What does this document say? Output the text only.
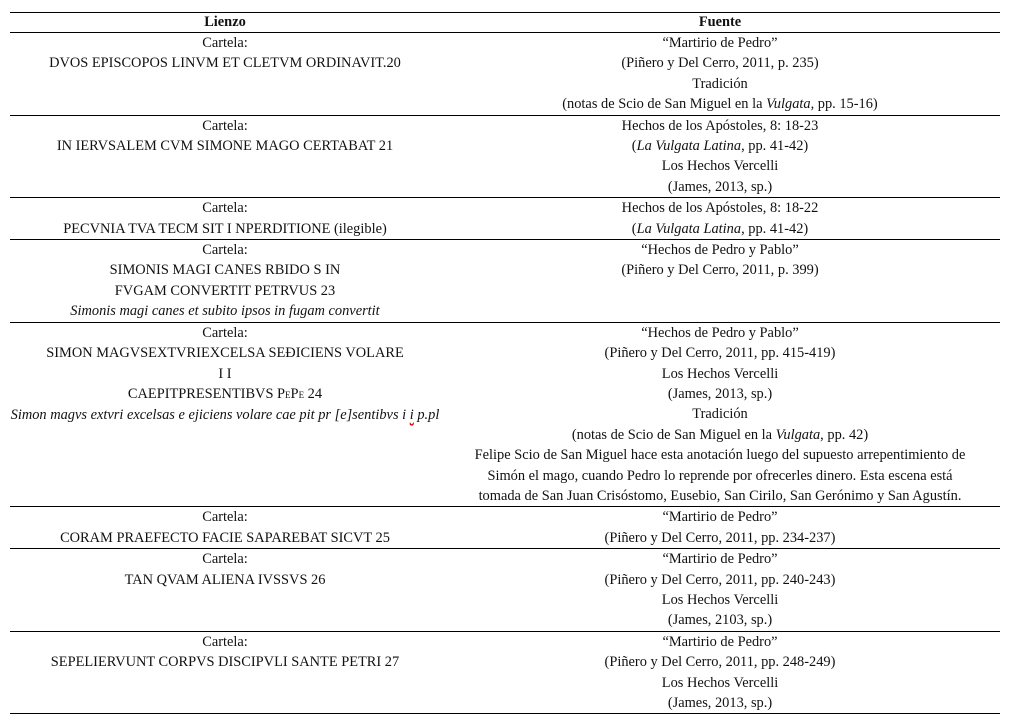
Lienzo	Fuente
Cartela:
DVOS EPISCOPOS LINVM ET CLETVM ORDINAVIT.20
“Martirio de Pedro”
(Piñero y Del Cerro, 2011, p. 235)
Tradición
(notas de Scio de San Miguel en la Vulgata, pp. 15-16)
Cartela:
IN IERVSALEM CVM SIMONE MAGO CERTABAT 21
Hechos de los Apóstoles, 8: 18-23
(La Vulgata Latina, pp. 41-42)
Los Hechos Vercelli
(James, 2013, sp.)
Cartela:
PECVNIA TVA TECM SIT I NPERDITIONE (ilegible)
Hechos de los Apóstoles, 8: 18-22
(La Vulgata Latina, pp. 41-42)
Cartela:
SIMONIS MAGI CANES RBIDO S IN
FVGAM CONVERTIT PETRVUS 23
Simonis magi canes et subito ipsos in fugam convertit
“Hechos de Pedro y Pablo”
(Piñero y Del Cerro, 2011, p. 399)
Cartela:
SIMON MAGVSEXTVRIEXCELSA SEÐICIENS VOLARE
I I
CAEPITPRESENTIBVS PEPE 24
Simon magvs extvri excelsas e ejiciens volare cae pit pr [e]sentibvs i i p.pl
“Hechos de Pedro y Pablo”
(Piñero y Del Cerro, 2011, pp. 415-419)
Los Hechos Vercelli
(James, 2013, sp.)
Tradición
(notas de Scio de San Miguel en la Vulgata, pp. 42)
Felipe Scio de San Miguel hace esta anotación luego del supuesto arrepentimiento de
Simón el mago, cuando Pedro lo reprende por ofrecerles dinero. Esta escena está
tomada de San Juan Crisóstomo, Eusebio, San Cirilo, San Gerónimo y San Agustín.
Cartela:
CORAM PRAEFECTO FACIE SAPAREBAT SICVT 25
“Martirio de Pedro”
(Piñero y Del Cerro, 2011, pp. 234-237)
Cartela:
TAN QVAM ALIENA IVSSVS 26
“Martirio de Pedro”
(Piñero y Del Cerro, 2011, pp. 240-243)
Los Hechos Vercelli
(James, 2103, sp.)
Cartela:
SEPELIERVUNT CORPVS DISCIPVLI SANTE PETRI 27
“Martirio de Pedro”
(Piñero y Del Cerro, 2011, pp. 248-249)
Los Hechos Vercelli
(James, 2013, sp.)
